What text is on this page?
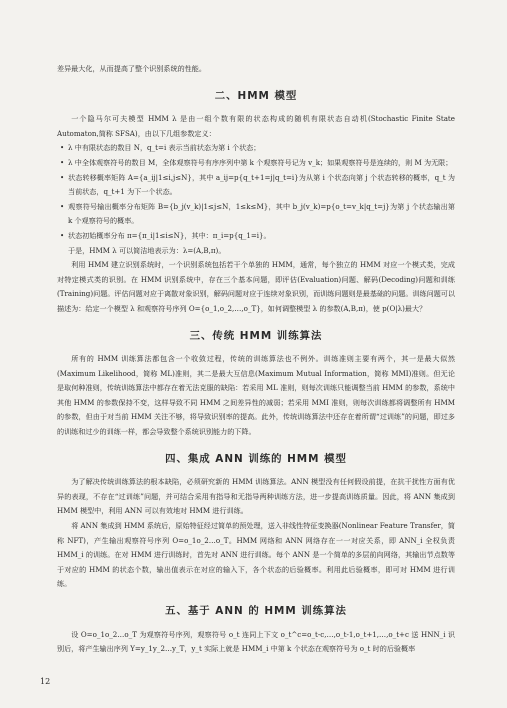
差异最大化，从而提高了整个识别系统的性能。

二、HMM 模型

一个隐马尔可夫模型 HMM λ 是由一组个数有限的状态构成的随机有限状态自动机(Stochastic Finite State Automaton,简称 SFSA)，由以下几组参数定义：

• λ 中有限状态的数目 N，q_t=i 表示当前状态为第 i 个状态；

• λ 中全体观察符号的数目 M，全体观察符号有序序列中第 k 个观察符号记为 v_k；如果观察符号是连续的，则 M 为无限；

• 状态转移概率矩阵 A={a_ij|1≤i,j≤N}，其中 a_ij=p{q_t+1=j|q_t=i}为从第 i 个状态向第 j 个状态转移的概率，q_t 为当前状态，q_t+1 为下一个状态。

• 观察符号输出概率分布矩阵 B={b_j(v_k)|1≤j≤N，1≤k≤M}，其中 b_j(v_k)=p{o_t=v_k|q_t=j}为第 j 个状态输出第 k 个观察符号的概率。

• 状态初始概率分布 π={π_i|1≤i≤N}，其中：π_i=p{q_1=i}。

于是，HMM λ 可以简洁地表示为：λ=(A,B,π)。

利用 HMM 建立识别系统时，一个识别系统包括若干个单独的 HMM，通常，每个独立的 HMM 对应一个模式类，完成对特定模式类的识别。在 HMM 识别系统中，存在三个基本问题，即评估(Evaluation)问题、解码(Decoding)问题和训练(Training)问题。评估问题对应于离散对象识别，解码问题对应于连续对象识别，而训练问题则是最基础的问题。训练问题可以描述为：给定一个模型 λ 和观察符号序列 O={o_1,o_2,…,o_T}，如何调整模型 λ 的参数(A,B,π)，使 p(O|λ)最大？

三、传统 HMM 训练算法

所有的 HMM 训练算法都包含一个收敛过程，传统的训练算法也不例外。训练准则主要有两个，其一是最大似然(Maximum Likelihood，简称 ML)准则，其二是最大互信息(Maximum Mutual Information，简称 MMI)准则。但无论是取何种准则，传统训练算法中都存在着无法克服的缺陷：若采用 ML 准则，则每次训练只能调整当前 HMM 的参数，系统中其他 HMM 的参数保持不变，这样导致不同 HMM 之间差异性的减弱；若采用 MMI 准则，则每次训练都将调整所有 HMM 的参数，但由于对当前 HMM 关注不够，将导致识别率的提高。此外，传统训练算法中还存在着所谓“过训练”的问题，即过多的训练和过少的训练一样，都会导致整个系统识别能力的下降。

四、集成 ANN 训练的 HMM 模型

为了解决传统训练算法的根本缺陷，必须研究新的 HMM 训练算法。ANN 模型没有任何假设前提，在抗干扰性方面有优异的表现，不存在“过训练”问题，并可结合采用有指导和无指导两种训练方法，进一步提高训练质量。因此，将 ANN 集成到 HMM 模型中，利用 ANN 可以有效地对 HMM 进行训练。

将 ANN 集成到 HMM 系统后，原始特征经过简单的预处理，送入非线性特征变换器(Nonlinear Feature Transfer，简称 NFT)，产生输出观察符号序列 O=o_1o_2…o_T。HMM 网络和 ANN 网络存在一一对应关系，即 ANN_i 全权负责 HMM_i 的训练。在对 HMM 进行训练时，首先对 ANN 进行训练。每个 ANN 是一个简单的多层前向网络，其输出节点数等于对应的 HMM 的状态个数，输出值表示在对应的输入下，各个状态的后验概率。利用此后验概率，即可对 HMM 进行训练。

五、基于 ANN 的 HMM 训练算法

设 O=o_1o_2…o_T 为观察符号序列，观察符号 o_t 连同上下文 o_t^c=o_t-c,…,o_t-1,o_t+1,…,o_t+c 送 HNN_i 识别后，将产生输出序列 Y=y_1y_2…y_T，y_t 实际上就是 HMM_i 中第 k 个状态在观察符号为 o_t 时的后验概率

12
